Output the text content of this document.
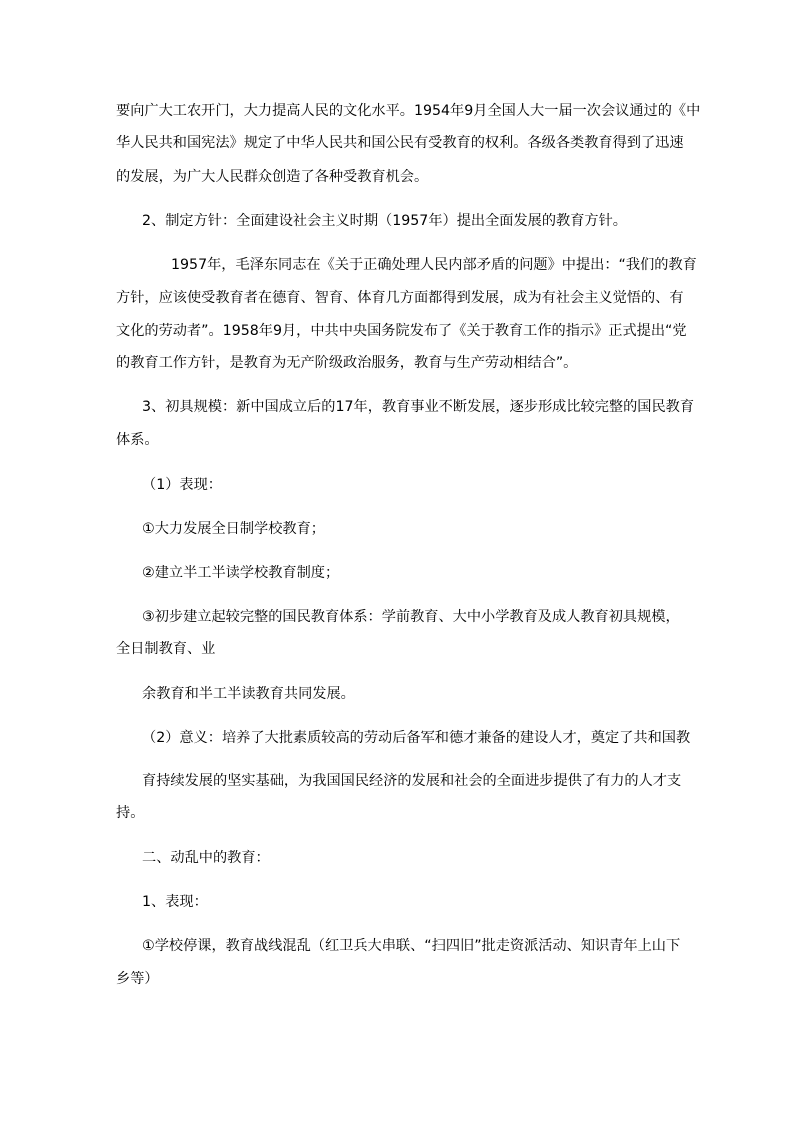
要向广大工农开门，大力提高人民的文化水平。1954年9月全国人大一届一次会议通过的《中
华人民共和国宪法》规定了中华人民共和国公民有受教育的权利。各级各类教育得到了迅速
的发展，为广大人民群众创造了各种受教育机会。
2、制定方针：全面建设社会主义时期（1957年）提出全面发展的教育方针。
1957年，毛泽东同志在《关于正确处理人民内部矛盾的问题》中提出：“我们的教育
方针，应该使受教育者在德育、智育、体育几方面都得到发展，成为有社会主义觉悟的、有
文化的劳动者”。1958年9月，中共中央国务院发布了《关于教育工作的指示》正式提出“党
的教育工作方针，是教育为无产阶级政治服务，教育与生产劳动相结合”。
3、初具规模：新中国成立后的17年，教育事业不断发展，逐步形成比较完整的国民教育
体系。
（1）表现：
①大力发展全日制学校教育；
②建立半工半读学校教育制度；
③初步建立起较完整的国民教育体系：学前教育、大中小学教育及成人教育初具规模，
全日制教育、业
余教育和半工半读教育共同发展。
（2）意义：培养了大批素质较高的劳动后备军和德才兼备的建设人才，奠定了共和国教
育持续发展的坚实基础，为我国国民经济的发展和社会的全面进步提供了有力的人才支
持。
二、动乱中的教育：
1、表现：
①学校停课，教育战线混乱（红卫兵大串联、“扫四旧”批走资派活动、知识青年上山下
乡等）
